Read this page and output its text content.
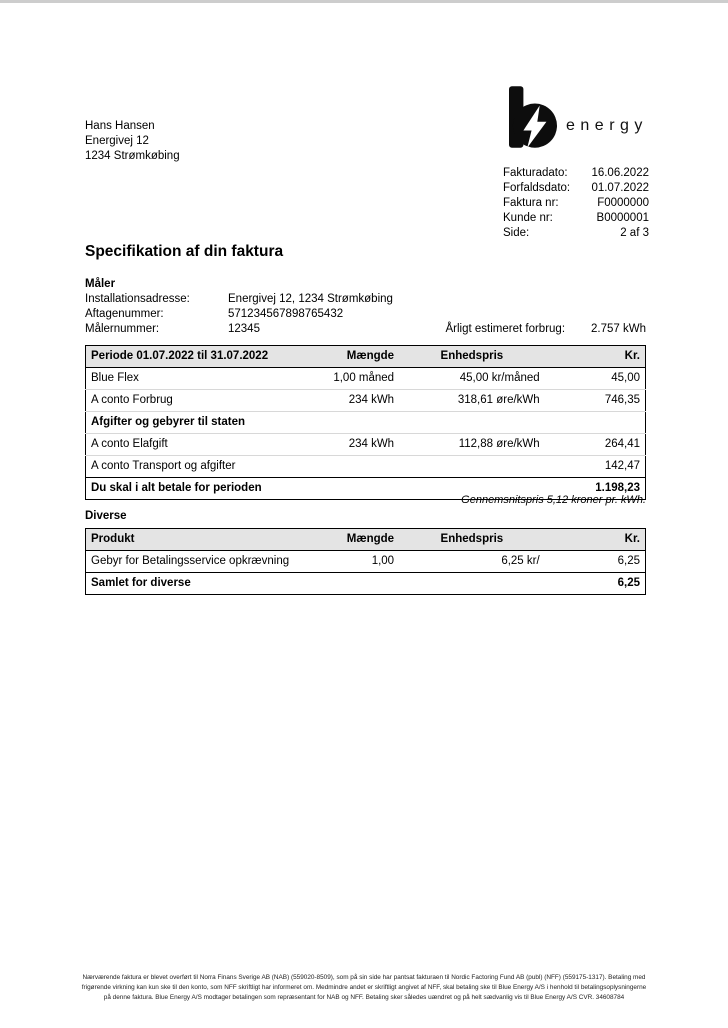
Hans Hansen
Energivej 12
1234 Strømkøbing
energy
Fakturadato: 16.06.2022
Forfaldsdato: 01.07.2022
Faktura nr:	F0000000
Kunde nr:	B0000001
Side:	2 af 3
Specifikation af din faktura
Måler
Installationsadresse:	Energivej 12, 1234 Strømkøbing
Aftagenummer:	571234567898765432
Målernummer:	12345	Årligt estimeret forbrug: 2.757 kWh
Periode 01.07.2022 til 31.07.2022	Mængde	Enhedspris	Kr.
Blue Flex	1,00 måned	45,00 kr/måned	45,00
A conto Forbrug	234 kWh	318,61 øre/kWh	746,35
Afgifter og gebyrer til staten			
A conto Elafgift	234 kWh	112,88 øre/kWh	264,41
A conto Transport og afgifter			142,47
Du skal i alt betale for perioden			1.198,23
Gennemsnitspris 5,12 kroner pr. kWh.
Diverse
Produkt	Mængde	Enhedspris	Kr.
Gebyr for Betalingsservice opkrævning	1,00	6,25 kr/	6,25
Samlet for diverse			6,25
Nærværende faktura er blevet overført til Norra Finans Sverige AB (NAB) (559020-8509), som på sin side har pantsat fakturaen til Nordic Factoring Fund AB (publ) (NFF) (559175-1317). Betaling med
frigørende virkning kan kun ske til den konto, som NFF skriftligt har informeret om. Medmindre andet er skriftligt angivet af NFF, skal betaling ske til Blue Energy A/S i henhold til betalingsoplysningerne
på denne faktura. Blue Energy A/S modtager betalingen som repræsentant for NAB og NFF. Betaling sker således uændret og på helt sædvanlig vis til Blue Energy A/S CVR. 34608784
